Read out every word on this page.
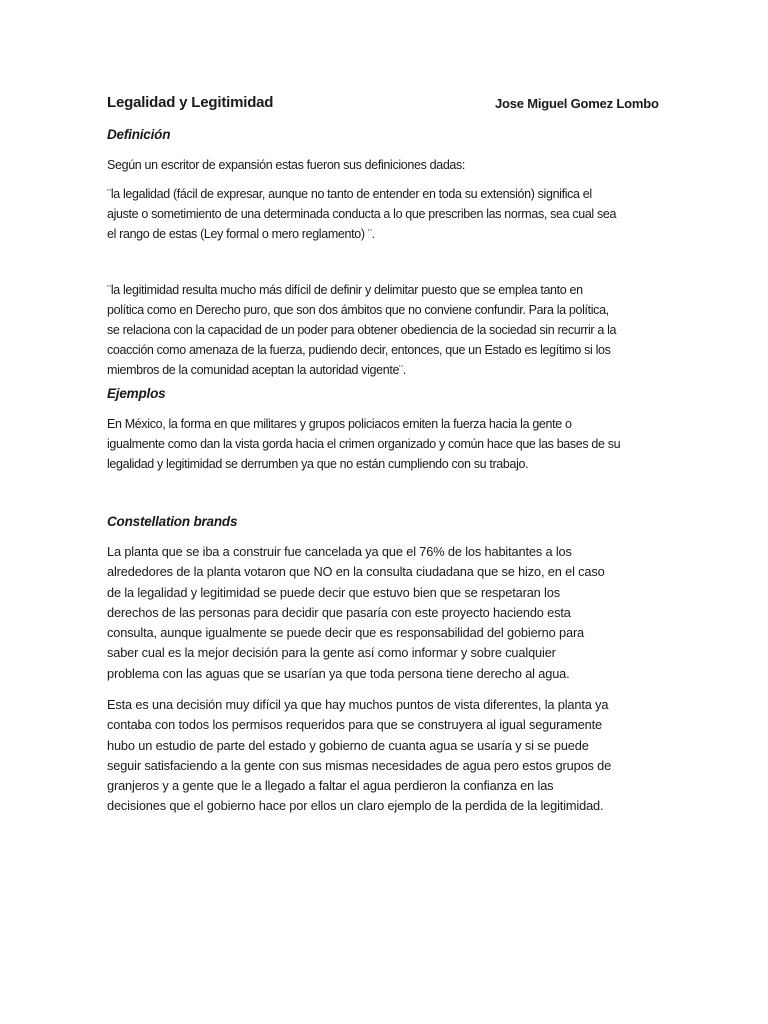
Legalidad y Legitimidad	Jose Miguel Gomez Lombo
Definición
Según un escritor de expansión estas fueron sus definiciones dadas:
¨la legalidad (fácil de expresar, aunque no tanto de entender en toda su extensión) significa el
ajuste o sometimiento de una determinada conducta a lo que prescriben las normas, sea cual sea
el rango de estas (Ley formal o mero reglamento) ¨.
¨la legitimidad resulta mucho más difícil de definir y delimitar puesto que se emplea tanto en
política como en Derecho puro, que son dos ámbitos que no conviene confundir. Para la política,
se relaciona con la capacidad de un poder para obtener obediencia de la sociedad sin recurrir a la
coacción como amenaza de la fuerza, pudiendo decir, entonces, que un Estado es legítimo si los
miembros de la comunidad aceptan la autoridad vigente¨.
Ejemplos
En México, la forma en que militares y grupos policiacos emiten la fuerza hacia la gente o
igualmente como dan la vista gorda hacia el crimen organizado y común hace que las bases de su
legalidad y legitimidad se derrumben ya que no están cumpliendo con su trabajo.
Constellation brands
La planta que se iba a construir fue cancelada ya que el 76% de los habitantes a los
alrededores de la planta votaron que NO en la consulta ciudadana que se hizo, en el caso
de la legalidad y legitimidad se puede decir que estuvo bien que se respetaran los
derechos de las personas para decidir que pasaría con este proyecto haciendo esta
consulta, aunque igualmente se puede decir que es responsabilidad del gobierno para
saber cual es la mejor decisión para la gente así como informar y sobre cualquier
problema con las aguas que se usarían ya que toda persona tiene derecho al agua.
Esta es una decisión muy difícil ya que hay muchos puntos de vista diferentes, la planta ya
contaba con todos los permisos requeridos para que se construyera al igual seguramente
hubo un estudio de parte del estado y gobierno de cuanta agua se usaría y si se puede
seguir satisfaciendo a la gente con sus mismas necesidades de agua pero estos grupos de
granjeros y a gente que le a llegado a faltar el agua perdieron la confianza en las
decisiones que el gobierno hace por ellos un claro ejemplo de la perdida de la legitimidad.
